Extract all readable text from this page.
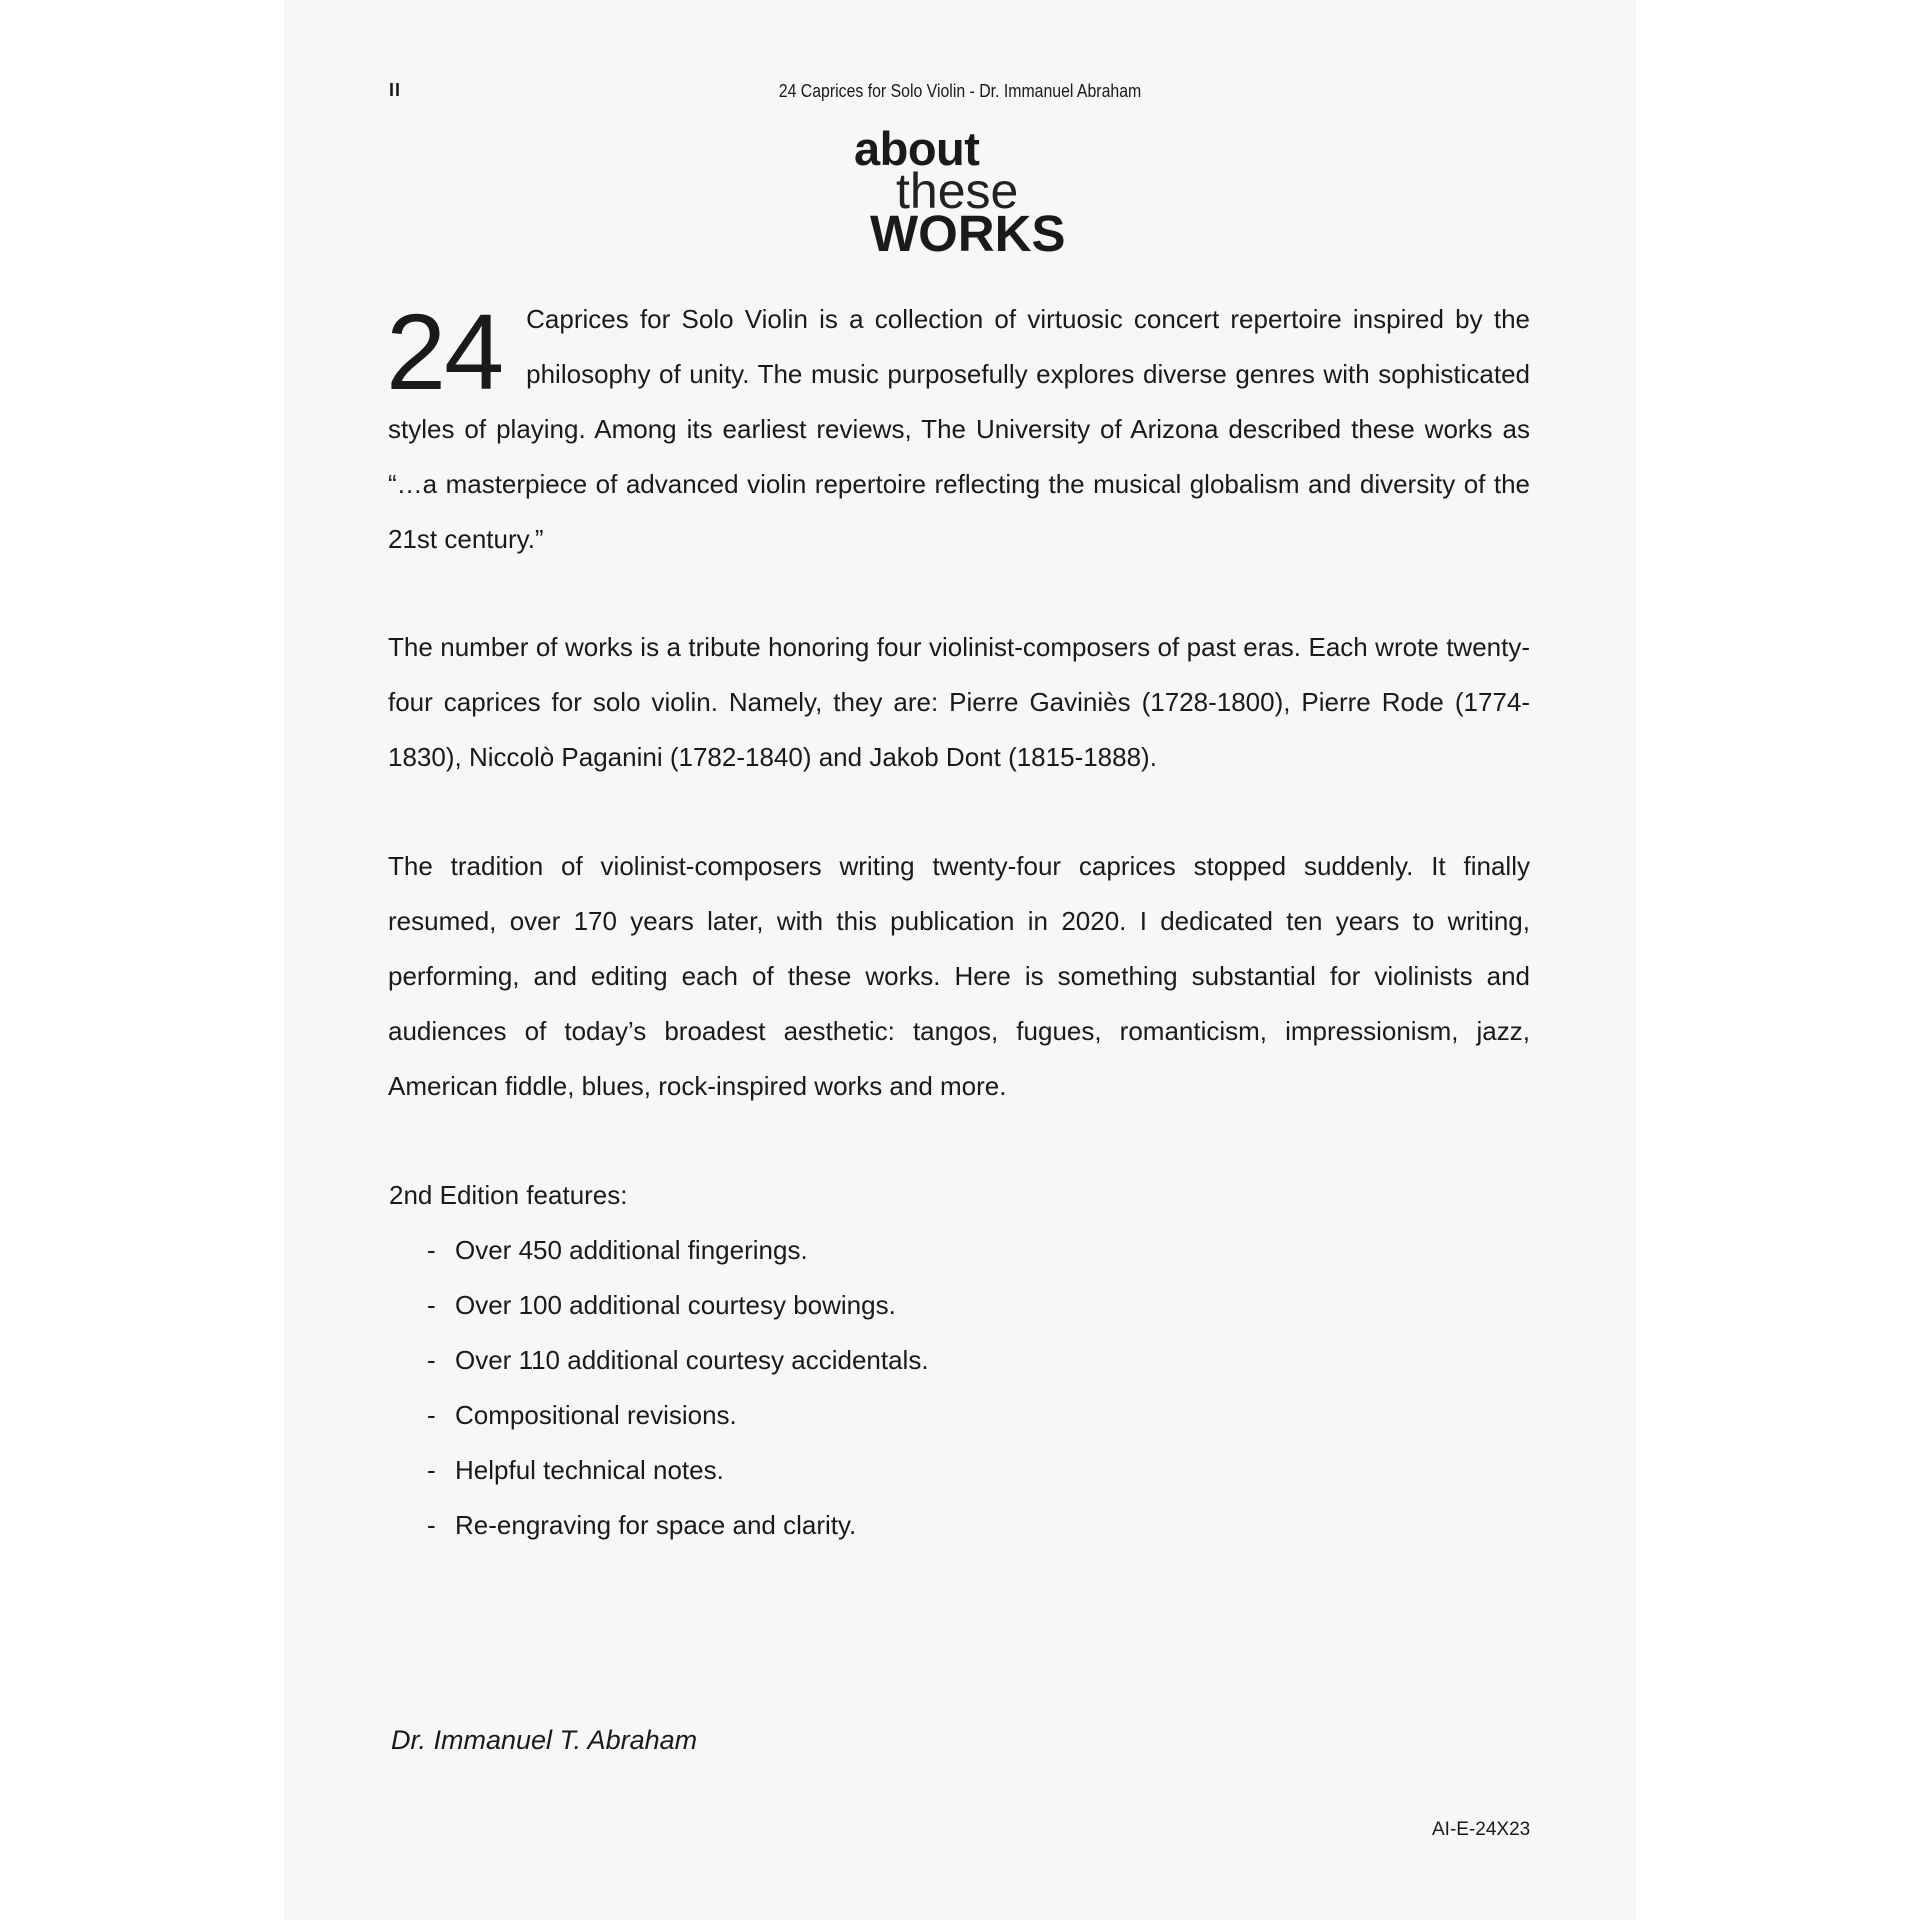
II	24 Caprices for Solo Violin - Dr. Immanuel Abraham
about
these
WORKS
24 Caprices for Solo Violin is a collection of virtuosic concert repertoire inspired by the philosophy of unity. The music purposefully explores diverse genres with sophisticated styles of playing. Among its earliest reviews, The University of Arizona described these works as “…a masterpiece of advanced violin repertoire reflecting the musical globalism and diversity of the 21st century.”
The number of works is a tribute honoring four violinist-composers of past eras. Each wrote twenty-four caprices for solo violin. Namely, they are: Pierre Gaviniès (1728-1800), Pierre Rode (1774-1830), Niccolò Paganini (1782-1840) and Jakob Dont (1815-1888).
The tradition of violinist-composers writing twenty-four caprices stopped suddenly. It finally resumed, over 170 years later, with this publication in 2020. I dedicated ten years to writing, performing, and editing each of these works. Here is something substantial for violinists and audiences of today’s broadest aesthetic: tangos, fugues, romanticism, impressionism, jazz, American fiddle, blues, rock-inspired works and more.
2nd Edition features:
- Over 450 additional fingerings.
- Over 100 additional courtesy bowings.
- Over 110 additional courtesy accidentals.
- Compositional revisions.
- Helpful technical notes.
- Re-engraving for space and clarity.
Dr. Immanuel T. Abraham
AI-E-24X23
